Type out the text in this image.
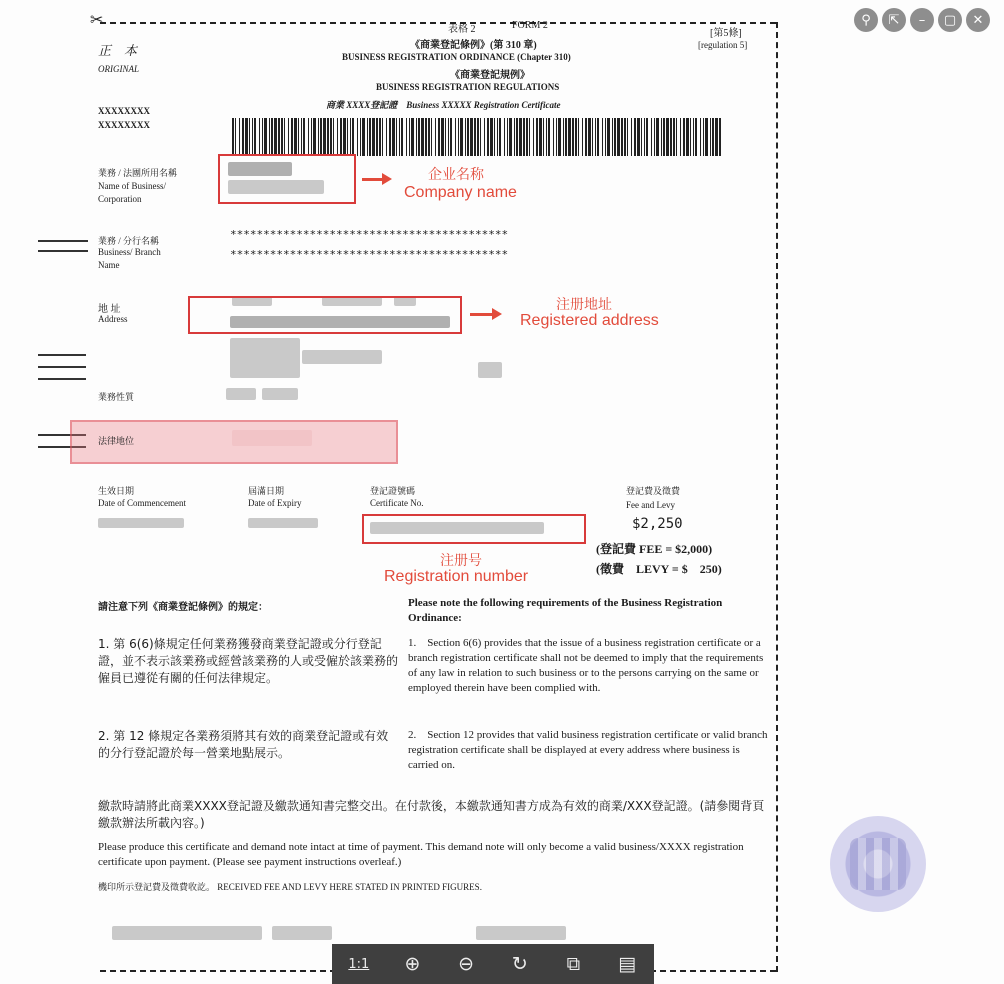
⚲	⇱	–	▢	✕
✂
表格 2	FORM 2
[第5條]
[regulation 5]
正　本
ORIGINAL
《商業登記條例》(第 310 章)
BUSINESS REGISTRATION ORDINANCE (Chapter 310)
《商業登記規例》
BUSINESS REGISTRATION REGULATIONS
商業 XXXX登記證　Business XXXXX Registration Certificate
XXXXXXXX
XXXXXXXX
業務 / 法團所用名稱
Name of Business/ Corporation
業務 / 分行名稱
Business/ Branch Name
******************************************
******************************************
地 址
Address
業務性質
法律地位
生效日期
Date of Commencement
屆滿日期
Date of Expiry
登記證號碼
Certificate No.
登記費及徵費
Fee and Levy
$2,250
(登記費 FEE = $2,000)
(徵費　LEVY = $　250)
請注意下列《商業登記條例》的規定：	Please note the following requirements of the Business Registration Ordinance:
1. 第 6(6)條規定任何業務獲發商業登記證或分行登記證，並不表示該業務或經營該業務的人或受僱於該業務的僱員已遵從有關的任何法律規定。
1.　Section 6(6) provides that the issue of a business registration certificate or a branch registration certificate shall not be deemed to imply that the requirements of any law in relation to such business or to the persons carrying on the same or employed therein have been complied with.
2. 第 12 條規定各業務須將其有效的商業登記證或有效的分行登記證於每一營業地點展示。
2.　Section 12 provides that valid business registration certificate or valid branch registration certificate shall be displayed at every address where business is carried on.
繳款時請將此商業XXXX登記證及繳款通知書完整交出。在付款後，本繳款通知書方成為有效的商業/XXX登記證。(請參閱背頁繳款辦法所載內容。)
Please produce this certificate and demand note intact at time of payment. This demand note will only become a valid business/XXXX registration certificate upon payment. (Please see payment instructions overleaf.)
機印所示登記費及徵費收訖。 RECEIVED FEE AND LEVY HERE STATED IN PRINTED FIGURES.
企业名称
Company name
注册地址
Registered address
注册号
Registration number
1:1	⊕	⊖	↻	⧉	▤
